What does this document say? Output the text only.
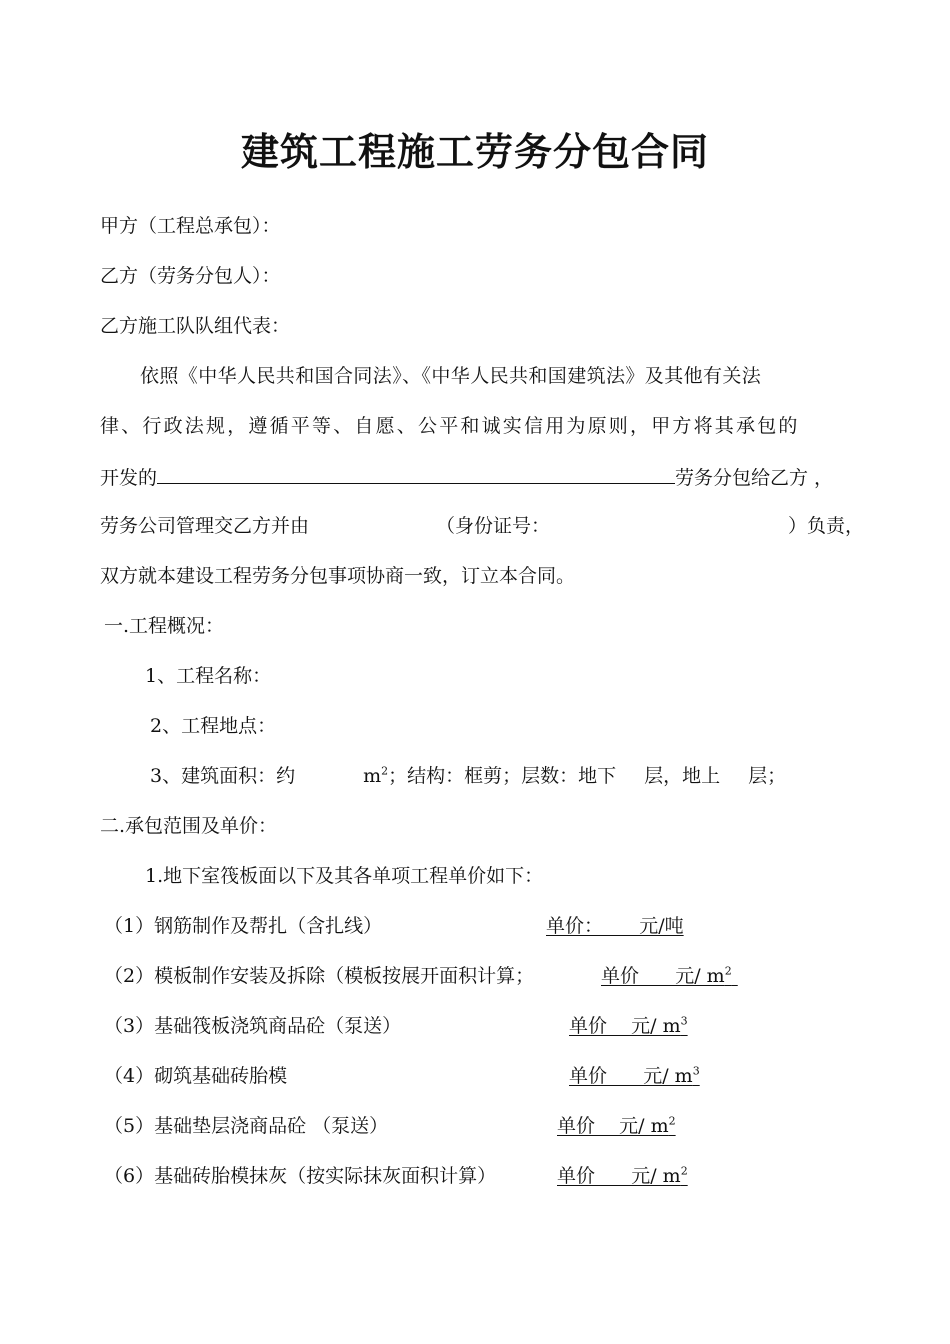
建筑工程施工劳务分包合同
甲方（工程总承包）：
乙方（劳务分包人）：
乙方施工队队组代表：
依照《中华人民共和国合同法》、《中华人民共和国建筑法》及其他有关法
律、行政法规，遵循平等、自愿、公平和诚实信用为原则，甲方将其承包的
开发的	劳务分包给乙方 ，
劳务公司管理交乙方并由	（身份证号：	）负责，
双方就本建设工程劳务分包事项协商一致，订立本合同。
一.工程概况：
1、工程名称：
2、工程地点：
3、建筑面积：约	$m^2$；结构：框剪；层数：地下 层，地上 层；
二.承包范围及单价：
1.地下室筏板面以下及其各单项工程单价如下：
（1）钢筋制作及帮扎（含扎线）	单价：      元/吨
（2）模板制作安装及拆除（模板按展开面积计算；	单价      元/ $m^2$
（3）基础筏板浇筑商品砼（泵送）	单价    元/ $m^3$
（4）砌筑基础砖胎模	单价      元/ $m^3$
（5）基础垫层浇商品砼 （泵送）	单价    元/ $m^2$
（6）基础砖胎模抹灰（按实际抹灰面积计算）	单价      元/ $m^2$
